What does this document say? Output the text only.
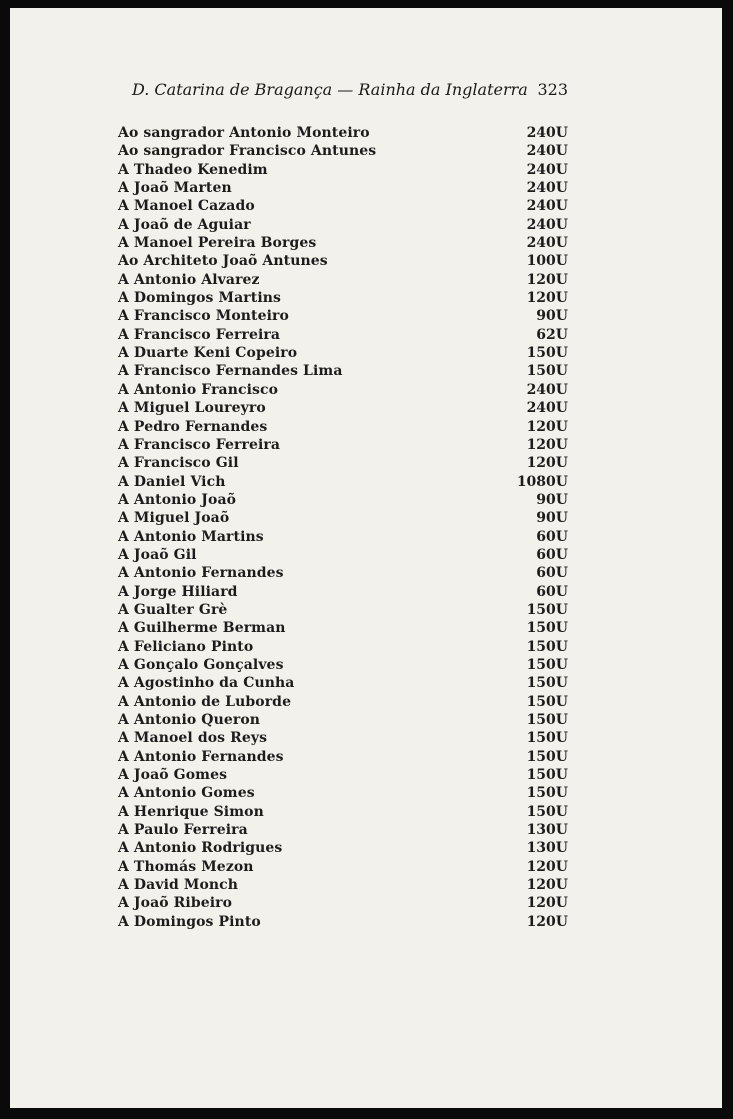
D. Catarina de Bragança — Rainha da Inglaterra 323
Ao sangrador Antonio Monteiro	240U
Ao sangrador Francisco Antunes	240U
A Thadeo Kenedim	240U
A Joaõ Marten	240U
A Manoel Cazado	240U
A Joaõ de Aguiar	240U
A Manoel Pereira Borges	240U
Ao Architeto Joaõ Antunes	100U
A Antonio Alvarez	120U
A Domingos Martins	120U
A Francisco Monteiro	90U
A Francisco Ferreira	62U
A Duarte Keni Copeiro	150U
A Francisco Fernandes Lima	150U
A Antonio Francisco	240U
A Miguel Loureyro	240U
A Pedro Fernandes	120U
A Francisco Ferreira	120U
A Francisco Gil	120U
A Daniel Vich	1080U
A Antonio Joaõ	90U
A Miguel Joaõ	90U
A Antonio Martins	60U
A Joaõ Gil	60U
A Antonio Fernandes	60U
A Jorge Hiliard	60U
A Gualter Grè	150U
A Guilherme Berman	150U
A Feliciano Pinto	150U
A Gonçalo Gonçalves	150U
A Agostinho da Cunha	150U
A Antonio de Luborde	150U
A Antonio Queron	150U
A Manoel dos Reys	150U
A Antonio Fernandes	150U
A Joaõ Gomes	150U
A Antonio Gomes	150U
A Henrique Simon	150U
A Paulo Ferreira	130U
A Antonio Rodrigues	130U
A Thomás Mezon	120U
A David Monch	120U
A Joaõ Ribeiro	120U
A Domingos Pinto	120U
